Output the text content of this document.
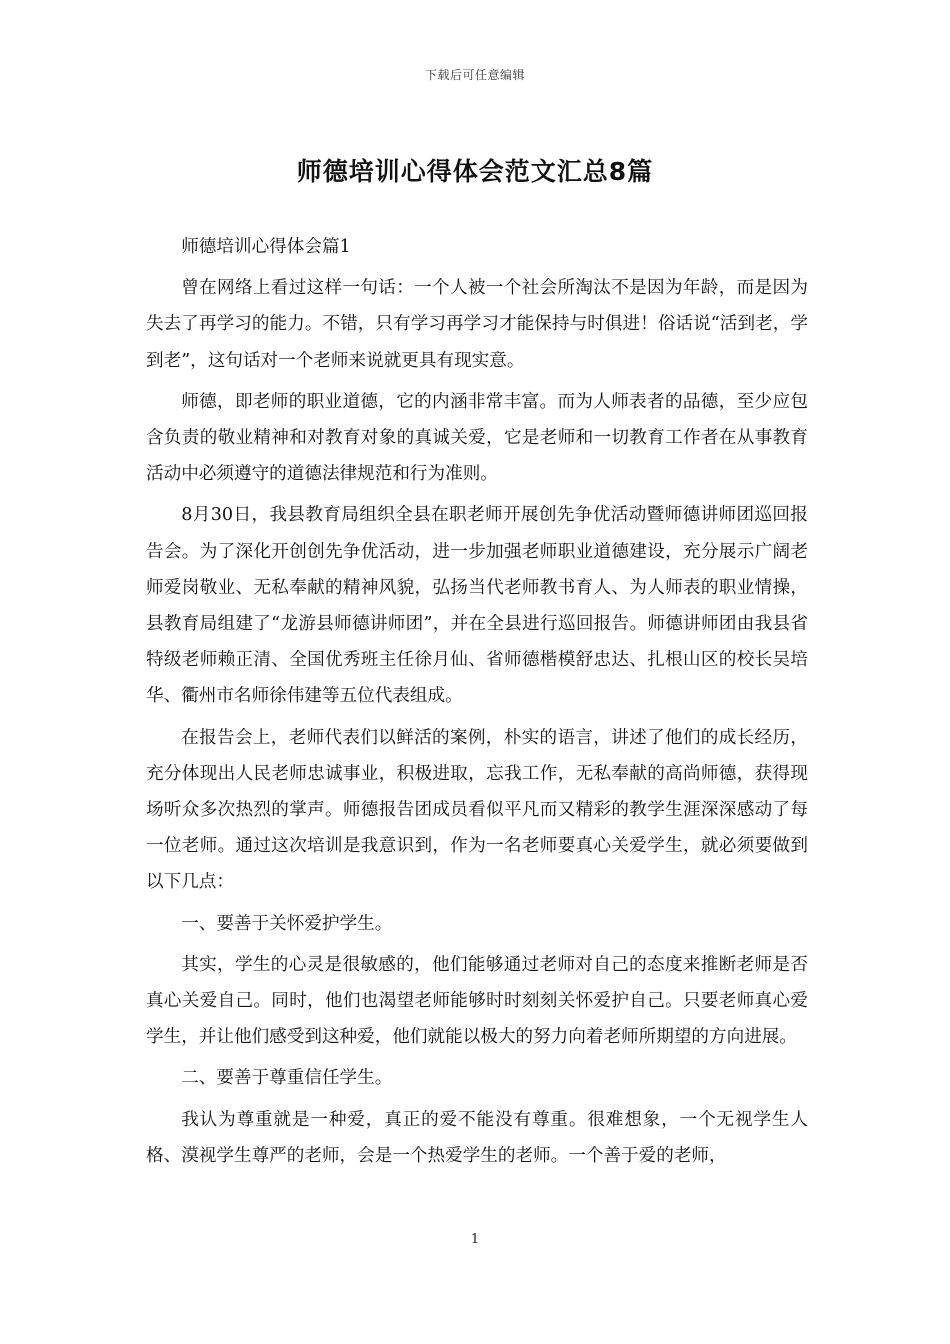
下载后可任意编辑
师德培训心得体会范文汇总8篇

师德培训心得体会篇1

曾在网络上看过这样一句话：一个人被一个社会所淘汰不是因为年龄，而是因为失去了再学习的能力。不错，只有学习再学习才能保持与时俱进！俗话说“活到老，学到老”，这句话对一个老师来说就更具有现实意。

师德，即老师的职业道德，它的内涵非常丰富。而为人师表者的品德，至少应包含负责的敬业精神和对教育对象的真诚关爱，它是老师和一切教育工作者在从事教育活动中必须遵守的道德法律规范和行为准则。

8月30日，我县教育局组织全县在职老师开展创先争优活动暨师德讲师团巡回报告会。为了深化开创创先争优活动，进一步加强老师职业道德建设，充分展示广阔老师爱岗敬业、无私奉献的精神风貌，弘扬当代老师教书育人、为人师表的职业情操，县教育局组建了“龙游县师德讲师团”，并在全县进行巡回报告。师德讲师团由我县省特级老师赖正清、全国优秀班主任徐月仙、省师德楷模舒忠达、扎根山区的校长吴培华、衢州市名师徐伟建等五位代表组成。

在报告会上，老师代表们以鲜活的案例，朴实的语言，讲述了他们的成长经历，充分体现出人民老师忠诚事业，积极进取，忘我工作，无私奉献的高尚师德，获得现场听众多次热烈的掌声。师德报告团成员看似平凡而又精彩的教学生涯深深感动了每一位老师。通过这次培训是我意识到，作为一名老师要真心关爱学生，就必须要做到以下几点：

一、要善于关怀爱护学生。

其实，学生的心灵是很敏感的，他们能够通过老师对自己的态度来推断老师是否真心关爱自己。同时，他们也渴望老师能够时时刻刻关怀爱护自己。只要老师真心爱学生，并让他们感受到这种爱，他们就能以极大的努力向着老师所期望的方向进展。

二、要善于尊重信任学生。

我认为尊重就是一种爱，真正的爱不能没有尊重。很难想象，一个无视学生人格、漠视学生尊严的老师，会是一个热爱学生的老师。一个善于爱的老师，

1
